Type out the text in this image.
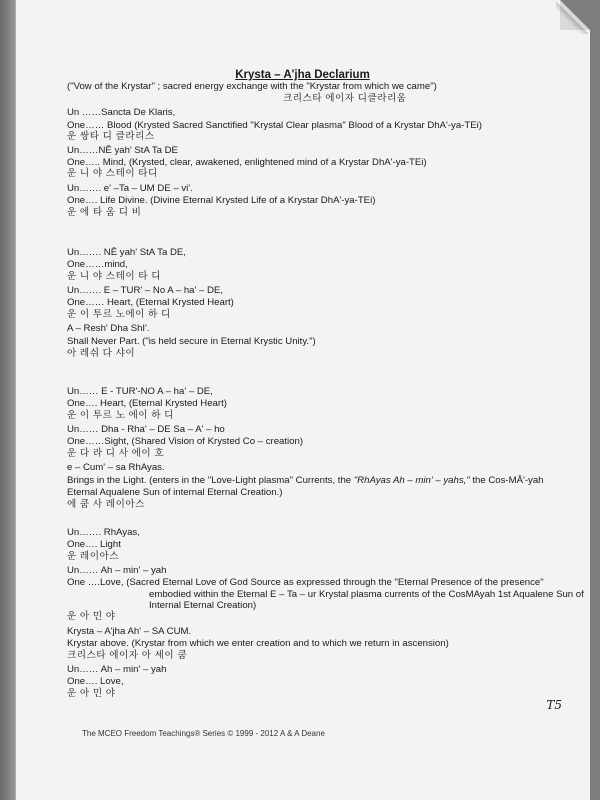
Krysta – A'jha Declarium
("Vow of the Krystar" ; sacred energy exchange with the "Krystar from which we came")
크리스타 에이자 디클라리움
Un ……Sancta De Klaris,
One…… Blood (Krysted Sacred Sanctified "Krystal Clear plasma" Blood of a Krystar DhA'-ya-TEi)
운 쌍타 디 클라리스
Un……NĒ yah' StA Ta DE
One….. Mind, (Krysted, clear, awakened, enlightened mind of a Krystar DhA'-ya-TEi)
운 니 야 스테이 타디
Un……. e' –Ta – UM DE – vi'.
One…. Life Divine. (Divine Eternal Krysted Life of a Krystar DhA'-ya-TEi)
운 에 타 움 디 비
Un……. NĒ yah' StA Ta DE,
One……mind,
운 니 야 스테이 타 디
Un……. E – TUR' – No A – ha' – DE,
One…… Heart, (Eternal Krysted Heart)
운 이 투르 노에이 하 디
A – Resh' Dha ShI'.
Shall Never Part. ("is held secure in Eternal Krystic Unity.")
아 레쉬 다 샤이
Un…… E - TUR'-NO A – ha' – DE,
One…. Heart, (Eternal Krysted Heart)
운 이 투르 노 에이 하 디
Un…… Dha - Rha' – DE Sa – A' – ho
One……Sight, (Shared Vision of Krysted Co – creation)
운 다 라 디 사 에이 호
e – Cum' – sa RhAyas.
Brings in the Light. (enters in the "Love-Light plasma" Currents, the "RhAyas Ah – min' – yahs," the Cos-MĀ'-yah
Eternal Aqualene Sun of internal Eternal Creation.)
에 쿰 사 레이아스
Un……. RhAyas,
One…. Light
운 레이아스
Un…… Ah – min' – yah
One ….Love, (Sacred Eternal Love of God Source as expressed through the "Eternal Presence of the presence"
embodied within the Eternal E – Ta – ur Krystal plasma currents of the CosMAyah 1st Aqualene Sun of
Internal Eternal Creation)
운 아 민 야
Krysta – A'jha Ah' – SA CUM.
Krystar above. (Krystar from which we enter creation and to which we return in ascension)
크리스타 에이자 아 세이 쿰
Un…… Ah – min' – yah
One…. Love,
운 아 민 야
T5
The MCEO Freedom Teachings® Series © 1999 - 2012 A & A Deane
